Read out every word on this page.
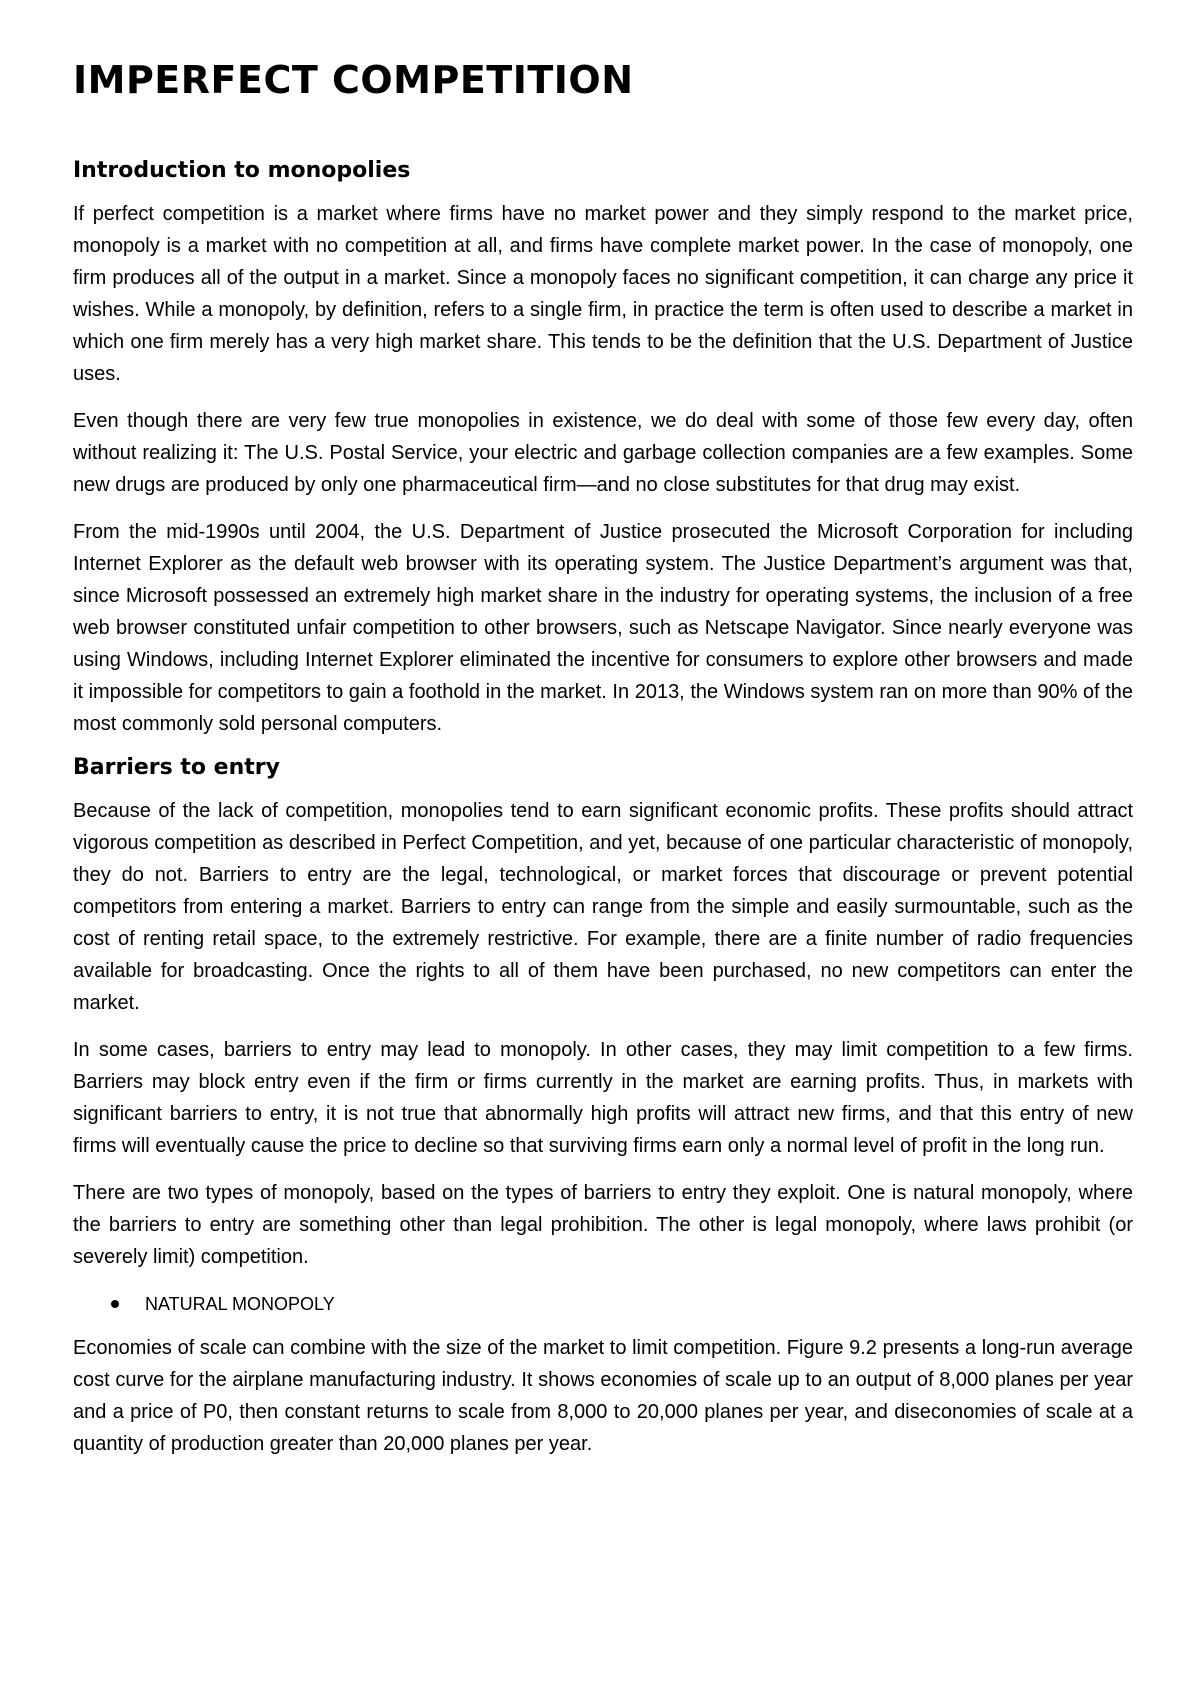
IMPERFECT COMPETITION
Introduction to monopolies

If perfect competition is a market where firms have no market power and they simply respond to the market price, monopoly is a market with no competition at all, and firms have complete market power. In the case of monopoly, one firm produces all of the output in a market. Since a monopoly faces no significant competition, it can charge any price it wishes. While a monopoly, by definition, refers to a single firm, in practice the term is often used to describe a market in which one firm merely has a very high market share. This tends to be the definition that the U.S. Department of Justice uses.

Even though there are very few true monopolies in existence, we do deal with some of those few every day, often without realizing it: The U.S. Postal Service, your electric and garbage collection companies are a few examples. Some new drugs are produced by only one pharmaceutical firm—and no close substitutes for that drug may exist.

From the mid-1990s until 2004, the U.S. Department of Justice prosecuted the Microsoft Corporation for including Internet Explorer as the default web browser with its operating system. The Justice Department’s argument was that, since Microsoft possessed an extremely high market share in the industry for operating systems, the inclusion of a free web browser constituted unfair competition to other browsers, such as Netscape Navigator. Since nearly everyone was using Windows, including Internet Explorer eliminated the incentive for consumers to explore other browsers and made it impossible for competitors to gain a foothold in the market. In 2013, the Windows system ran on more than 90% of the most commonly sold personal computers.

Barriers to entry

Because of the lack of competition, monopolies tend to earn significant economic profits. These profits should attract vigorous competition as described in Perfect Competition, and yet, because of one particular characteristic of monopoly, they do not. Barriers to entry are the legal, technological, or market forces that discourage or prevent potential competitors from entering a market. Barriers to entry can range from the simple and easily surmountable, such as the cost of renting retail space, to the extremely restrictive. For example, there are a finite number of radio frequencies available for broadcasting. Once the rights to all of them have been purchased, no new competitors can enter the market.

In some cases, barriers to entry may lead to monopoly. In other cases, they may limit competition to a few firms. Barriers may block entry even if the firm or firms currently in the market are earning profits. Thus, in markets with significant barriers to entry, it is not true that abnormally high profits will attract new firms, and that this entry of new firms will eventually cause the price to decline so that surviving firms earn only a normal level of profit in the long run.

There are two types of monopoly, based on the types of barriers to entry they exploit. One is natural monopoly, where the barriers to entry are something other than legal prohibition. The other is legal monopoly, where laws prohibit (or severely limit) competition.

NATURAL MONOPOLY

Economies of scale can combine with the size of the market to limit competition. Figure 9.2 presents a long-run average cost curve for the airplane manufacturing industry. It shows economies of scale up to an output of 8,000 planes per year and a price of P0, then constant returns to scale from 8,000 to 20,000 planes per year, and diseconomies of scale at a quantity of production greater than 20,000 planes per year.
